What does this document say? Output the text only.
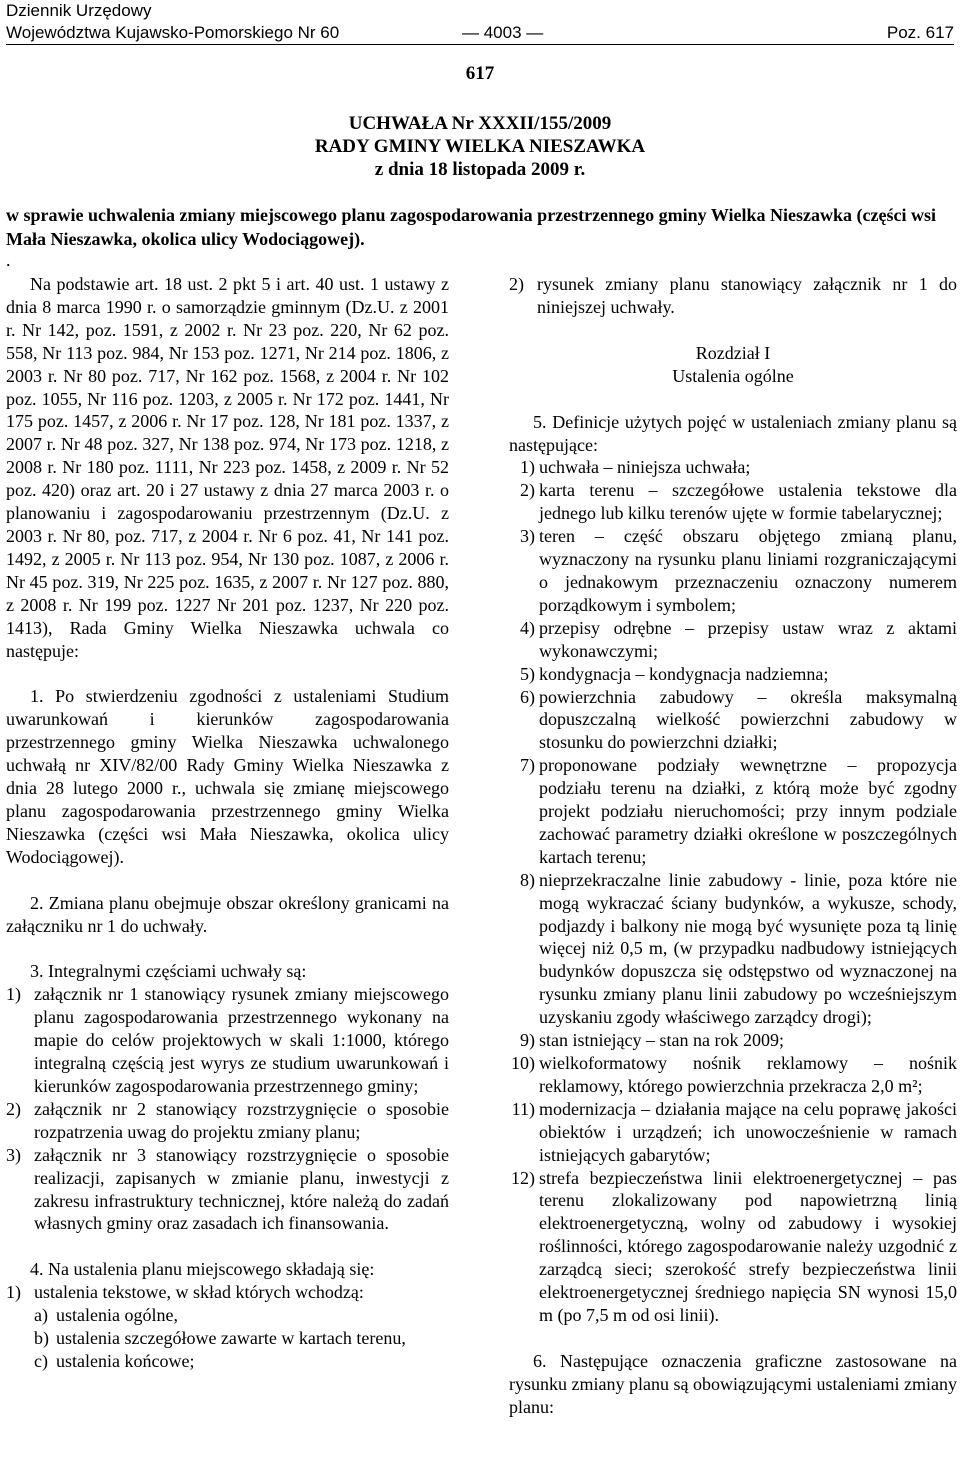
Dziennik Urzędowy
Województwa Kujawsko-Pomorskiego Nr 60	— 4003 —	Poz. 617
617
UCHWAŁA Nr XXXII/155/2009
RADY GMINY WIELKA NIESZAWKA
z dnia 18 listopada 2009 r.
w sprawie uchwalenia zmiany miejscowego planu zagospodarowania przestrzennego gminy Wielka Nieszawka (części wsi Mała Nieszawka, okolica ulicy Wodociągowej).
.

Na podstawie art. 18 ust. 2 pkt 5 i art. 40 ust. 1 ustawy z dnia 8 marca 1990 r. o samorządzie gminnym (Dz.U. z 2001 r. Nr 142, poz. 1591, z 2002 r. Nr 23 poz. 220, Nr 62 poz. 558, Nr 113 poz. 984, Nr 153 poz. 1271, Nr 214 poz. 1806, z 2003 r. Nr 80 poz. 717, Nr 162 poz. 1568, z 2004 r. Nr 102 poz. 1055, Nr 116 poz. 1203, z 2005 r. Nr 172 poz. 1441, Nr 175 poz. 1457, z 2006 r. Nr 17 poz. 128, Nr 181 poz. 1337, z 2007 r. Nr 48 poz. 327, Nr 138 poz. 974, Nr 173 poz. 1218, z 2008 r. Nr 180 poz. 1111, Nr 223 poz. 1458, z 2009 r. Nr 52 poz. 420) oraz art. 20 i 27 ustawy z dnia 27 marca 2003 r. o planowaniu i zagospodarowaniu przestrzennym (Dz.U. z 2003 r. Nr 80, poz. 717, z 2004 r. Nr 6 poz. 41, Nr 141 poz. 1492, z 2005 r. Nr 113 poz. 954, Nr 130 poz. 1087, z 2006 r. Nr 45 poz. 319, Nr 225 poz. 1635, z 2007 r. Nr 127 poz. 880, z 2008 r. Nr 199 poz. 1227 Nr 201 poz. 1237, Nr 220 poz. 1413), Rada Gminy Wielka Nieszawka uchwala co następuje:

1. Po stwierdzeniu zgodności z ustaleniami Studium uwarunkowań i kierunków zagospodarowania przestrzennego gminy Wielka Nieszawka uchwalonego uchwałą nr XIV/82/00 Rady Gminy Wielka Nieszawka z dnia 28 lutego 2000 r., uchwala się zmianę miejscowego planu zagospodarowania przestrzennego gminy Wielka Nieszawka (części wsi Mała Nieszawka, okolica ulicy Wodociągowej).

2. Zmiana planu obejmuje obszar określony granicami na załączniku nr 1 do uchwały.

3. Integralnymi częściami uchwały są:

1) załącznik nr 1 stanowiący rysunek zmiany miejscowego planu zagospodarowania przestrzennego wykonany na mapie do celów projektowych w skali 1:1000, którego integralną częścią jest wyrys ze studium uwarunkowań i kierunków zagospodarowania przestrzennego gminy;
2) załącznik nr 2 stanowiący rozstrzygnięcie o sposobie rozpatrzenia uwag do projektu zmiany planu;
3) załącznik nr 3 stanowiący rozstrzygnięcie o sposobie realizacji, zapisanych w zmianie planu, inwestycji z zakresu infrastruktury technicznej, które należą do zadań własnych gminy oraz zasadach ich finansowania.

4. Na ustalenia planu miejscowego składają się:

1) ustalenia tekstowe, w skład których wchodzą:
a) ustalenia ogólne,
b) ustalenia szczegółowe zawarte w kartach terenu,
c) ustalenia końcowe;
2) rysunek zmiany planu stanowiący załącznik nr 1 do niniejszej uchwały.
Rozdział I
Ustalenia ogólne

5. Definicje użytych pojęć w ustaleniach zmiany planu są następujące:

1) uchwała – niniejsza uchwała;
2) karta terenu – szczegółowe ustalenia tekstowe dla jednego lub kilku terenów ujęte w formie tabelarycznej;
3) teren – część obszaru objętego zmianą planu, wyznaczony na rysunku planu liniami rozgraniczającymi o jednakowym przeznaczeniu oznaczony numerem porządkowym i symbolem;
4) przepisy odrębne – przepisy ustaw wraz z aktami wykonawczymi;
5) kondygnacja – kondygnacja nadziemna;
6) powierzchnia zabudowy – określa maksymalną dopuszczalną wielkość powierzchni zabudowy w stosunku do powierzchni działki;
7) proponowane podziały wewnętrzne – propozycja podziału terenu na działki, z którą może być zgodny projekt podziału nieruchomości; przy innym podziale zachować parametry działki określone w poszczególnych kartach terenu;
8) nieprzekraczalne linie zabudowy - linie, poza które nie mogą wykraczać ściany budynków, a wykusze, schody, podjazdy i balkony nie mogą być wysunięte poza tą linię więcej niż 0,5 m, (w przypadku nadbudowy istniejących budynków dopuszcza się odstępstwo od wyznaczonej na rysunku zmiany planu linii zabudowy po wcześniejszym uzyskaniu zgody właściwego zarządcy drogi);
9) stan istniejący – stan na rok 2009;
10) wielkoformatowy nośnik reklamowy – nośnik reklamowy, którego powierzchnia przekracza 2,0 m²;
11) modernizacja – działania mające na celu poprawę jakości obiektów i urządzeń; ich unowocześnienie w ramach istniejących gabarytów;
12) strefa bezpieczeństwa linii elektroenergetycznej – pas terenu zlokalizowany pod napowietrzną linią elektroenergetyczną, wolny od zabudowy i wysokiej roślinności, którego zagospodarowanie należy uzgodnić z zarządcą sieci; szerokość strefy bezpieczeństwa linii elektroenergetycznej średniego napięcia SN wynosi 15,0 m (po 7,5 m od osi linii).

6. Następujące oznaczenia graficzne zastosowane na rysunku zmiany planu są obowiązującymi ustaleniami zmiany planu:
